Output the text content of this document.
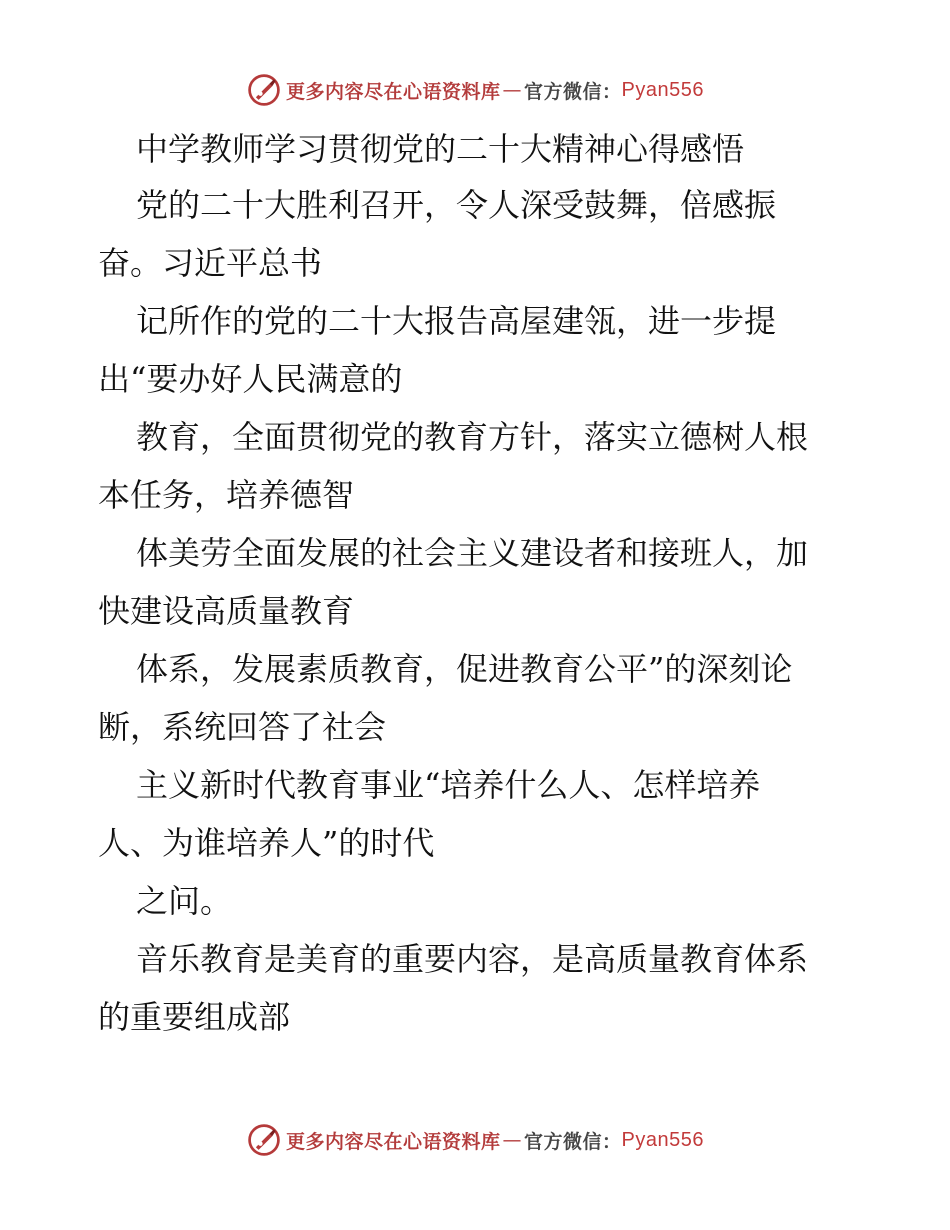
更多内容尽在心语资料库 — 官方微信： Pyan556
中学教师学习贯彻党的二十大精神心得感悟
党的二十大胜利召开，令人深受鼓舞，倍感振
奋。习近平总书
记所作的党的二十大报告高屋建瓴，进一步提
出“要办好人民满意的
教育，全面贯彻党的教育方针，落实立德树人根
本任务，培养德智
体美劳全面发展的社会主义建设者和接班人，加
快建设高质量教育
体系，发展素质教育，促进教育公平”的深刻论
断，系统回答了社会
主义新时代教育事业“培养什么人、怎样培养
人、为谁培养人”的时代
之问。
音乐教育是美育的重要内容，是高质量教育体系
的重要组成部
更多内容尽在心语资料库 — 官方微信： Pyan556
